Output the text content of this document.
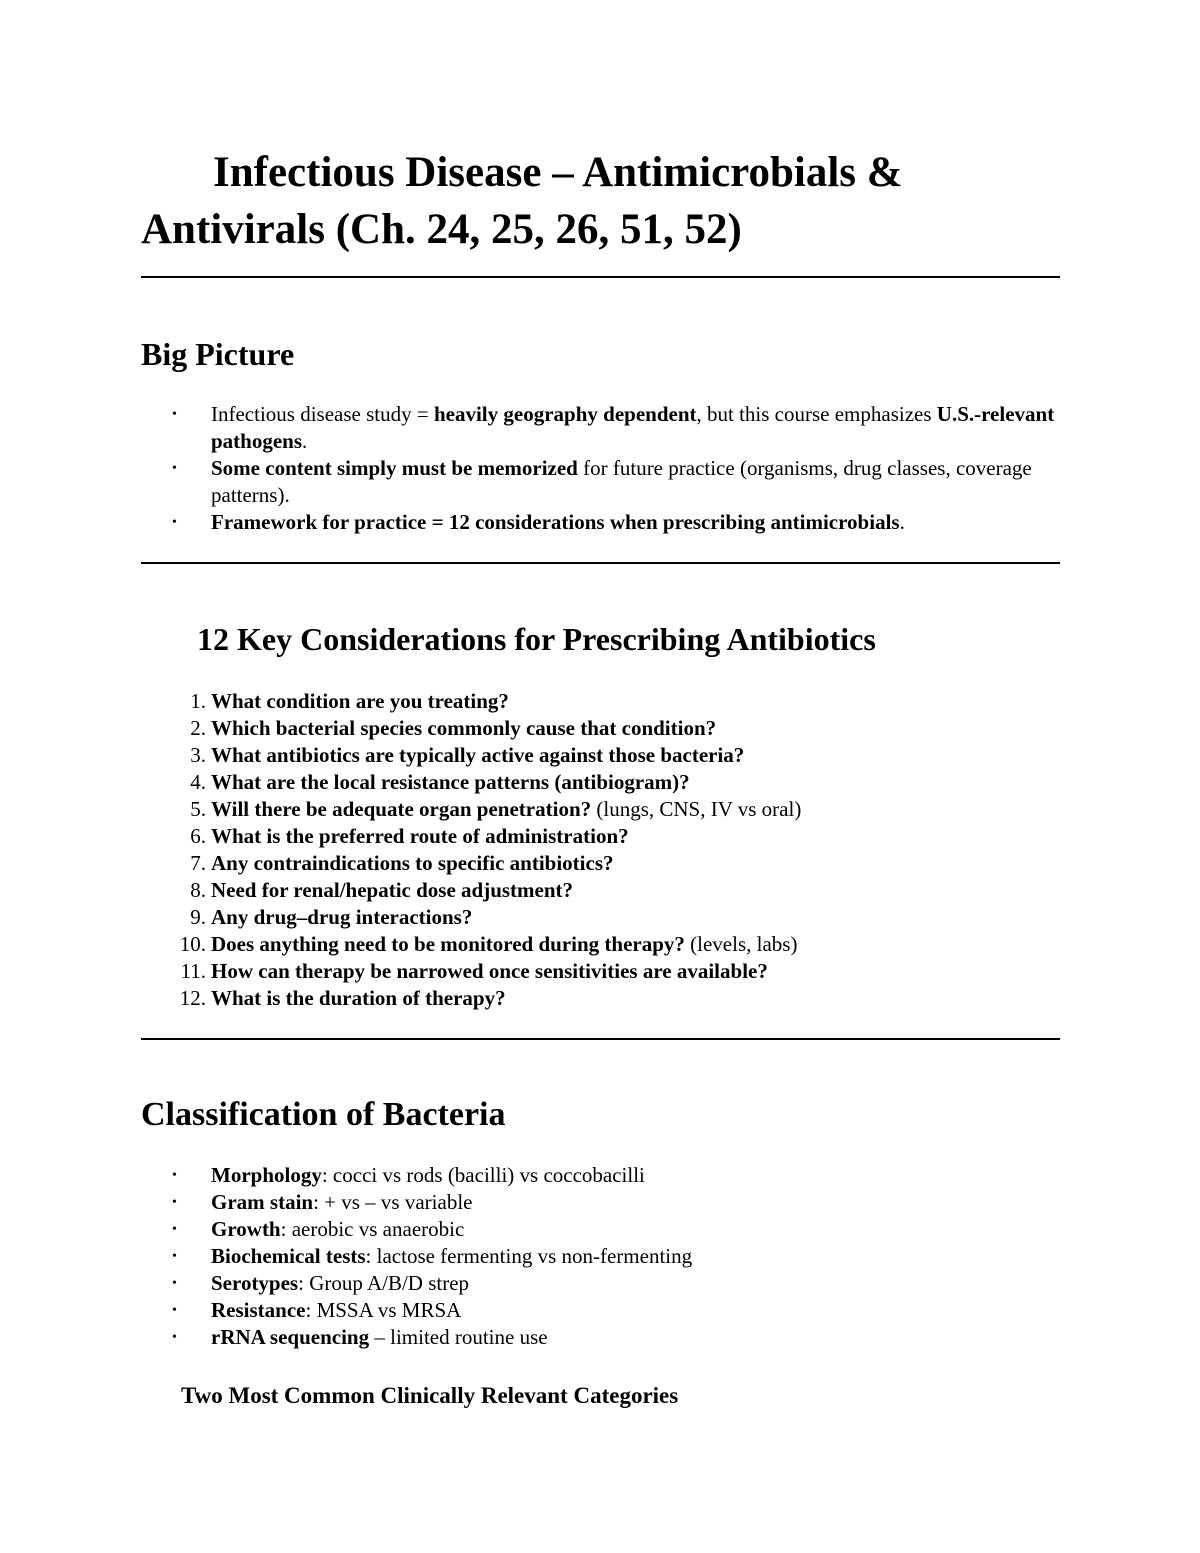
Infectious Disease – Antimicrobials & Antivirals (Ch. 24, 25, 26, 51, 52)
Big Picture
•	Infectious disease study = heavily geography dependent, but this course emphasizes U.S.-relevant pathogens.
•	Some content simply must be memorized for future practice (organisms, drug classes, coverage patterns).
•	Framework for practice = 12 considerations when prescribing antimicrobials.
12 Key Considerations for Prescribing Antibiotics
1. What condition are you treating?
2. Which bacterial species commonly cause that condition?
3. What antibiotics are typically active against those bacteria?
4. What are the local resistance patterns (antibiogram)?
5. Will there be adequate organ penetration? (lungs, CNS, IV vs oral)
6. What is the preferred route of administration?
7. Any contraindications to specific antibiotics?
8. Need for renal/hepatic dose adjustment?
9. Any drug–drug interactions?
10. Does anything need to be monitored during therapy? (levels, labs)
11. How can therapy be narrowed once sensitivities are available?
12. What is the duration of therapy?
Classification of Bacteria
•	Morphology: cocci vs rods (bacilli) vs coccobacilli
•	Gram stain: + vs – vs variable
•	Growth: aerobic vs anaerobic
•	Biochemical tests: lactose fermenting vs non-fermenting
•	Serotypes: Group A/B/D strep
•	Resistance: MSSA vs MRSA
•	rRNA sequencing – limited routine use
Two Most Common Clinically Relevant Categories
